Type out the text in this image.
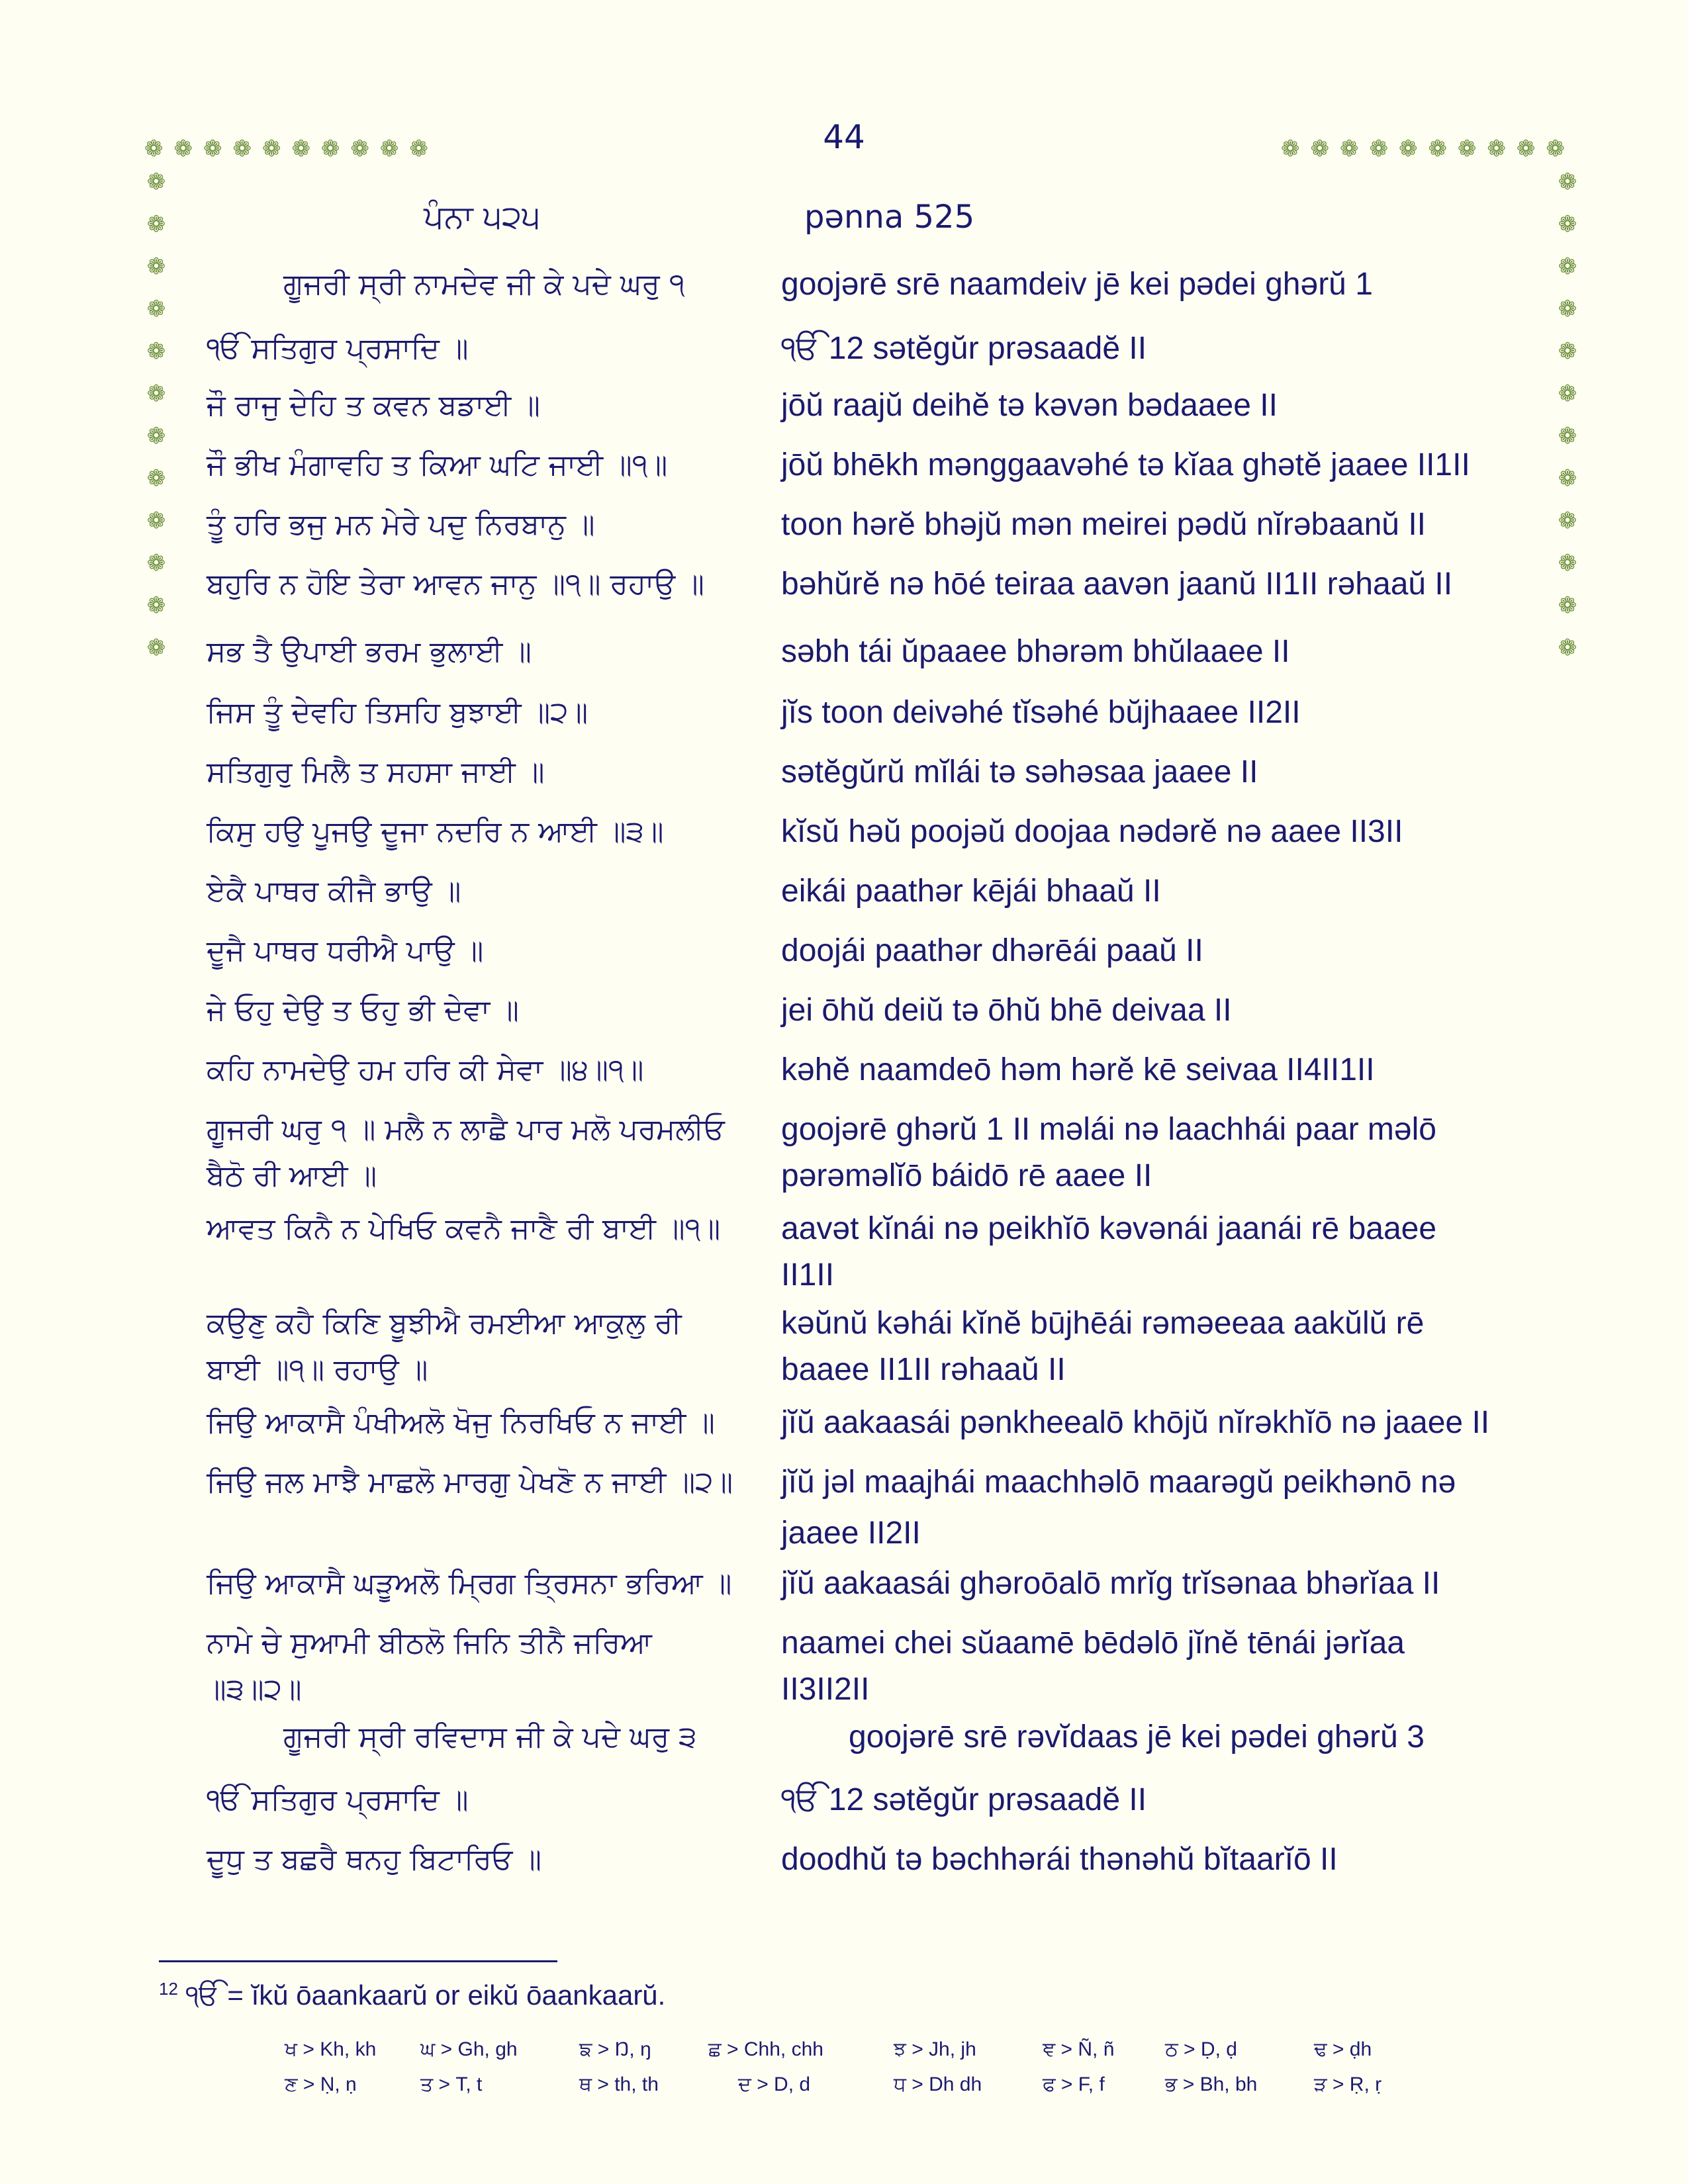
❁❁❁❁❁❁❁❁❁❁	❁❁❁❁❁❁❁❁❁❁
❁
❁
❁
❁
❁
❁
❁
❁
❁
❁
❁
❁
❁
❁
❁
❁
❁
❁
❁
❁
❁
❁
❁
❁
44
ਪੰਨਾ ੫੨੫	pənna 525
ਗੂਜਰੀ ਸ੍ਰੀ ਨਾਮਦੇਵ ਜੀ ਕੇ ਪਦੇ ਘਰੁ ੧	goojərē srē naamdeiv jē kei pədei ghərŭ 1
ੴ ਸਤਿਗੁਰ ਪ੍ਰਸਾਦਿ ॥	ੴ 12 sətĕgŭr prəsaadĕ II
ਜੌ ਰਾਜੁ ਦੇਹਿ ਤ ਕਵਨ ਬਡਾਈ ॥	jōŭ raajŭ deihĕ tə kəvən bədaaee II
ਜੌ ਭੀਖ ਮੰਗਾਵਹਿ ਤ ਕਿਆ ਘਟਿ ਜਾਈ ॥੧॥	jōŭ bhēkh mənggaavəhé tə kĭaa ghətĕ jaaee II1II
ਤੂੰ ਹਰਿ ਭਜੁ ਮਨ ਮੇਰੇ ਪਦੁ ਨਿਰਬਾਨੁ ॥	toon hərĕ bhəjŭ mən meirei pədŭ nĭrəbaanŭ II
ਬਹੁਰਿ ਨ ਹੋਇ ਤੇਰਾ ਆਵਨ ਜਾਨੁ ॥੧॥ ਰਹਾਉ ॥	bəhŭrĕ nə hōé teiraa aavən jaanŭ II1II rəhaaŭ II
ਸਭ ਤੈ ਉਪਾਈ ਭਰਮ ਭੁਲਾਈ ॥	səbh tái ŭpaaee bhərəm bhŭlaaee II
ਜਿਸ ਤੂੰ ਦੇਵਹਿ ਤਿਸਹਿ ਬੁਝਾਈ ॥੨॥	jĭs toon deivəhé tĭsəhé bŭjhaaee II2II
ਸਤਿਗੁਰੁ ਮਿਲੈ ਤ ਸਹਸਾ ਜਾਈ ॥	sətĕgŭrŭ mĭlái tə səhəsaa jaaee II
ਕਿਸੁ ਹਉ ਪੂਜਉ ਦੂਜਾ ਨਦਰਿ ਨ ਆਈ ॥੩॥	kĭsŭ həŭ poojəŭ doojaa nədərĕ nə aaee II3II
ਏਕੈ ਪਾਥਰ ਕੀਜੈ ਭਾਉ ॥	eikái paathər kējái bhaaŭ II
ਦੂਜੈ ਪਾਥਰ ਧਰੀਐ ਪਾਉ ॥	doojái paathər dhərēái paaŭ II
ਜੇ ਓਹੁ ਦੇਉ ਤ ਓਹੁ ਭੀ ਦੇਵਾ ॥	jei ōhŭ deiŭ tə ōhŭ bhē deivaa II
ਕਹਿ ਨਾਮਦੇਉ ਹਮ ਹਰਿ ਕੀ ਸੇਵਾ ॥੪॥੧॥	kəhĕ naamdeō həm hərĕ kē seivaa II4II1II
ਗੂਜਰੀ ਘਰੁ ੧ ॥ ਮਲੈ ਨ ਲਾਛੈ ਪਾਰ ਮਲੋ ਪਰਮਲੀਓ	goojərē ghərŭ 1 II məlái nə laachhái paar məlō
ਬੈਠੋ ਰੀ ਆਈ ॥	pərəməlĭō báidō rē aaee II
ਆਵਤ ਕਿਨੈ ਨ ਪੇਖਿਓ ਕਵਨੈ ਜਾਣੈ ਰੀ ਬਾਈ ॥੧॥	aavət kĭnái nə peikhĭō kəvənái jaanái rē baaee
II1II
ਕਉਣੁ ਕਹੈ ਕਿਣਿ ਬੂਝੀਐ ਰਮਈਆ ਆਕੁਲੁ ਰੀ	kəŭnŭ kəhái kĭnĕ būjhēái rəməeeaa aakŭlŭ rē
ਬਾਈ ॥੧॥ ਰਹਾਉ ॥	baaee II1II rəhaaŭ II
ਜਿਉ ਆਕਾਸੈ ਪੰਖੀਅਲੋ ਖੋਜੁ ਨਿਰਖਿਓ ਨ ਜਾਈ ॥	jĭŭ aakaasái pənkheealō khōjŭ nĭrəkhĭō nə jaaee II
ਜਿਉ ਜਲ ਮਾਝੈ ਮਾਛਲੋ ਮਾਰਗੁ ਪੇਖਣੋ ਨ ਜਾਈ ॥੨॥	jĭŭ jəl maajhái maachhəlō maarəgŭ peikhənō nə
jaaee II2II
ਜਿਉ ਆਕਾਸੈ ਘੜੂਅਲੋ ਮ੍ਰਿਗ ਤ੍ਰਿਸਨਾ ਭਰਿਆ ॥	jĭŭ aakaasái ghəroōalō mrĭg trĭsənaa bhərĭaa II
ਨਾਮੇ ਚੇ ਸੁਆਮੀ ਬੀਠਲੋ ਜਿਨਿ ਤੀਨੈ ਜਰਿਆ	naamei chei sŭaamē bēdəlō jĭnĕ tēnái jərĭaa
॥੩॥੨॥	II3II2II
ਗੂਜਰੀ ਸ੍ਰੀ ਰਵਿਦਾਸ ਜੀ ਕੇ ਪਦੇ ਘਰੁ ੩	goojərē srē rəvĭdaas jē kei pədei ghərŭ 3
ੴ ਸਤਿਗੁਰ ਪ੍ਰਸਾਦਿ ॥	ੴ 12 sətĕgŭr prəsaadĕ II
ਦੂਧੁ ਤ ਬਛਰੈ ਥਨਹੁ ਬਿਟਾਰਿਓ ॥	doodhŭ tə bəchhərái thənəhŭ bĭtaarĭō II
$^{12}$ ੴ = ĭkŭ ōaankaarŭ or eikŭ ōaankaarŭ.
ਖ > Kh, kh ਘ > Gh, gh	ਙ > Ŋ, ŋ	ਛ > Chh, chh	ਝ > Jh, jh	ਞ > Ñ, ñ	ਠ > Ḍ, ḍ	ਢ > ḍh
ਣ > Ṇ, ṇ	ਤ > T, t	ਥ > th, th	ਦ > D, d	ਧ > Dh dh	ਫ > F, f	ਭ > Bh, bh	ੜ > Ṛ, ṛ
